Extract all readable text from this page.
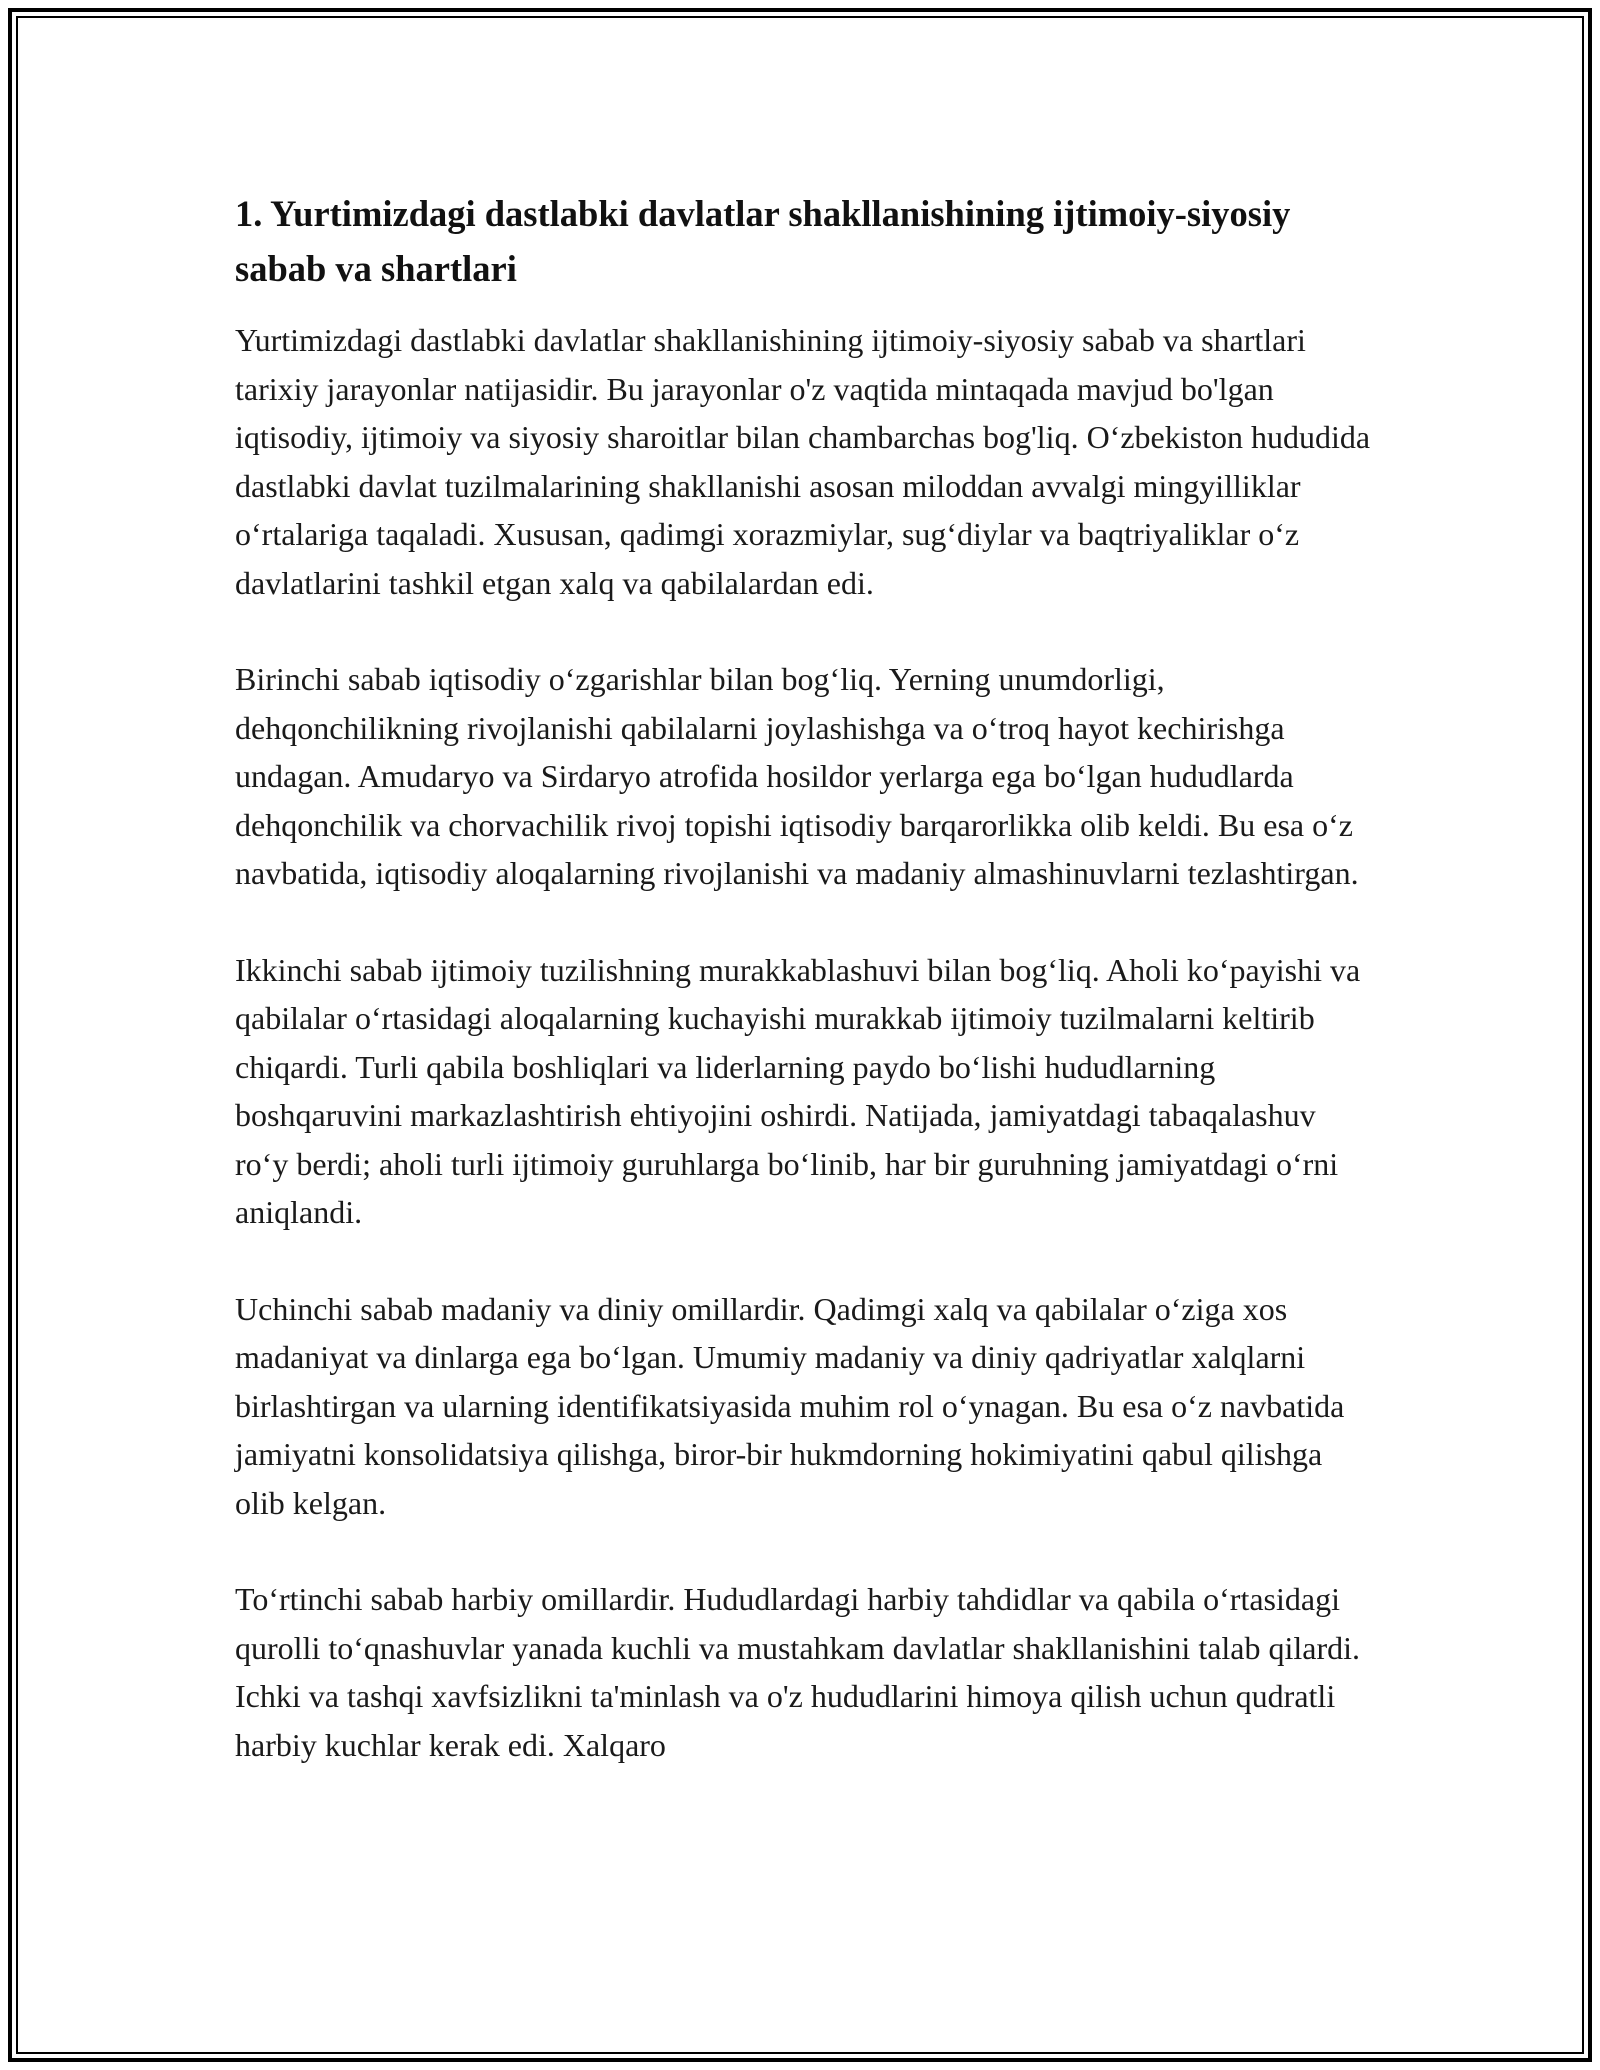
1. Yurtimizdagi dastlabki davlatlar shakllanishining ijtimoiy-siyosiy sabab va shartlari

Yurtimizdagi dastlabki davlatlar shakllanishining ijtimoiy-siyosiy sabab va shartlari tarixiy jarayonlar natijasidir. Bu jarayonlar o'z vaqtida mintaqada mavjud bo'lgan iqtisodiy, ijtimoiy va siyosiy sharoitlar bilan chambarchas bog'liq. O‘zbekiston hududida dastlabki davlat tuzilmalarining shakllanishi asosan miloddan avvalgi mingyilliklar o‘rtalariga taqaladi. Xususan, qadimgi xorazmiylar, sug‘diylar va baqtriyaliklar o‘z davlatlarini tashkil etgan xalq va qabilalardan edi.

Birinchi sabab iqtisodiy o‘zgarishlar bilan bog‘liq. Yerning unumdorligi, dehqonchilikning rivojlanishi qabilalarni joylashishga va o‘troq hayot kechirishga undagan. Amudaryo va Sirdaryo atrofida hosildor yerlarga ega bo‘lgan hududlarda dehqonchilik va chorvachilik rivoj topishi iqtisodiy barqarorlikka olib keldi. Bu esa o‘z navbatida, iqtisodiy aloqalarning rivojlanishi va madaniy almashinuvlarni tezlashtirgan.

Ikkinchi sabab ijtimoiy tuzilishning murakkablashuvi bilan bog‘liq. Aholi ko‘payishi va qabilalar o‘rtasidagi aloqalarning kuchayishi murakkab ijtimoiy tuzilmalarni keltirib chiqardi. Turli qabila boshliqlari va liderlarning paydo bo‘lishi hududlarning boshqaruvini markazlashtirish ehtiyojini oshirdi. Natijada, jamiyatdagi tabaqalashuv ro‘y berdi; aholi turli ijtimoiy guruhlarga bo‘linib, har bir guruhning jamiyatdagi o‘rni aniqlandi.

Uchinchi sabab madaniy va diniy omillardir. Qadimgi xalq va qabilalar o‘ziga xos madaniyat va dinlarga ega bo‘lgan. Umumiy madaniy va diniy qadriyatlar xalqlarni birlashtirgan va ularning identifikatsiyasida muhim rol o‘ynagan. Bu esa o‘z navbatida jamiyatni konsolidatsiya qilishga, biror-bir hukmdorning hokimiyatini qabul qilishga olib kelgan.

To‘rtinchi sabab harbiy omillardir. Hududlardagi harbiy tahdidlar va qabila o‘rtasidagi qurolli to‘qnashuvlar yanada kuchli va mustahkam davlatlar shakllanishini talab qilardi. Ichki va tashqi xavfsizlikni ta'minlash va o'z hududlarini himoya qilish uchun qudratli harbiy kuchlar kerak edi. Xalqaro
